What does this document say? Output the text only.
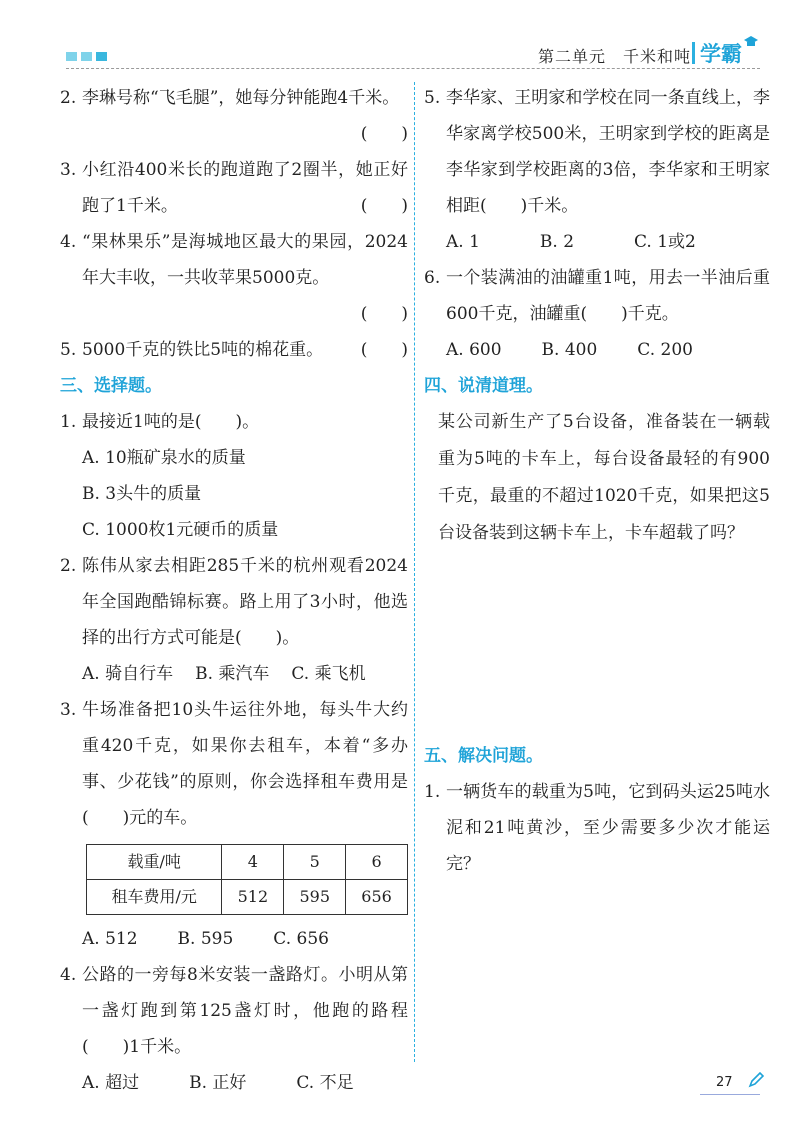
第二单元　千米和吨 学霸
2. 李琳号称“飞毛腿”，她每分钟能跑4千米。
(　　)
3. 小红沿400米长的跑道跑了2圈半，她正好跑了1千米。	(　　)
4. “果林果乐”是海城地区最大的果园，2024年大丰收，一共收苹果5000克。
(　　)
5. 5000千克的铁比5吨的棉花重。 (　　)

三、选择题。

1. 最接近1吨的是(　　)。
A. 10瓶矿泉水的质量
B. 3头牛的质量
C. 1000枚1元硬币的质量
2. 陈伟从家去相距285千米的杭州观看2024年全国跑酷锦标赛。路上用了3小时，他选择的出行方式可能是(　　)。
A. 骑自行车 B. 乘汽车 C. 乘飞机
3. 牛场准备把10头牛运往外地，每头牛大约重420千克，如果你去租车，本着“多办事、少花钱”的原则，你会选择租车费用是(　　)元的车。
载重/吨	4	5	6
租车费用/元	512	595	656
A. 512 B. 595 C. 656
4. 公路的一旁每8米安装一盏路灯。小明从第一盏灯跑到第125盏灯时，他跑的路程(　　)1千米。
A. 超过	B. 正好	C. 不足
5. 李华家、王明家和学校在同一条直线上，李华家离学校500米，王明家到学校的距离是李华家到学校距离的3倍，李华家和王明家相距(　　)千米。
A. 1	B. 2	C. 1或2
6. 一个装满油的油罐重1吨，用去一半油后重600千克，油罐重(　　)千克。
A. 600 B. 400 C. 200

四、说清道理。

某公司新生产了5台设备，准备装在一辆载重为5吨的卡车上，每台设备最轻的有900千克，最重的不超过1020千克，如果把这5台设备装到这辆卡车上，卡车超载了吗？

五、解决问题。

1. 一辆货车的载重为5吨，它到码头运25吨水泥和21吨黄沙，至少需要多少次才能运完？
27
